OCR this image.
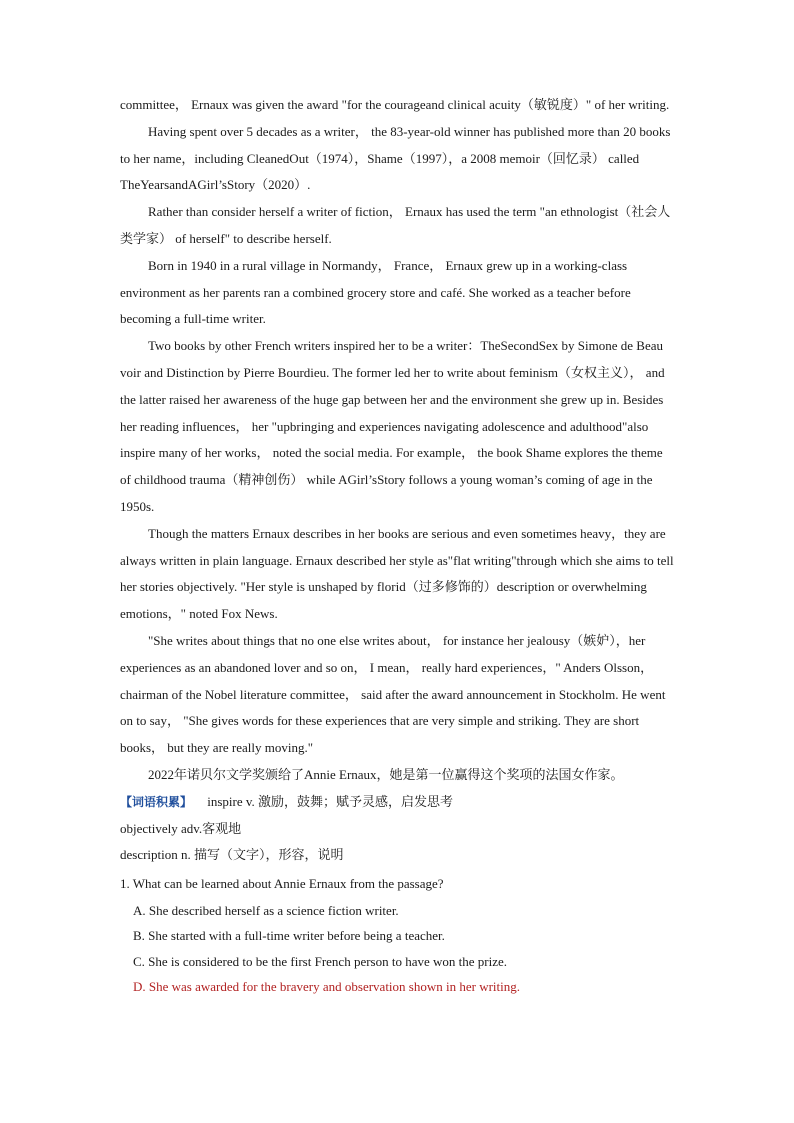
committee， Ernaux was given the award "for the courageand clinical acuity（敏锐度）" of her writing.

Having spent over 5 decades as a writer， the 83-year-old winner has published more than 20 books to her name，including CleanedOut（1974），Shame（1997），a 2008 memoir（回忆录） called TheYearsandAGirl’sStory（2020）.

Rather than consider herself a writer of fiction， Ernaux has used the term "an ethnologist（社会人类学家） of herself" to describe herself.

Born in 1940 in a rural village in Normandy， France， Ernaux grew up in a working-class environment as her parents ran a combined grocery store and café. She worked as a teacher before becoming a full-time writer.

Two books by other French writers inspired her to be a writer：TheSecondSex by Simone de Beau voir and Distinction by Pierre Bourdieu. The former led her to write about feminism（女权主义）， and the latter raised her awareness of the huge gap between her and the environment she grew up in. Besides her reading influences， her "upbringing and experiences navigating adolescence and adulthood"also inspire many of her works， noted the social media. For example， the book Shame explores the theme of childhood trauma（精神创伤） while AGirl’sStory follows a young woman’s coming of age in the 1950s.

Though the matters Ernaux describes in her books are serious and even sometimes heavy，they are always written in plain language. Ernaux described her style as"flat writing"through which she aims to tell her stories objectively. "Her style is unshaped by florid（过多修饰的）description or overwhelming emotions，" noted Fox News.

"She writes about things that no one else writes about， for instance her jealousy（嫉妒），her experiences as an abandoned lover and so on， I mean， really hard experiences，" Anders Olsson， chairman of the Nobel literature committee， said after the award announcement in Stockholm. He went on to say， "She gives words for these experiences that are very simple and striking. They are short books， but they are really moving."

2022年诺贝尔文学奖颁给了Annie Ernaux，她是第一位赢得这个奖项的法国女作家。

【词语积累】 inspire v. 激励，鼓舞；赋予灵感，启发思考

objectively adv.客观地

description n. 描写（文字），形容，说明

1. What can be learned about Annie Ernaux from the passage?

A. She described herself as a science fiction writer.

B. She started with a full-time writer before being a teacher.

C. She is considered to be the first French person to have won the prize.

D. She was awarded for the bravery and observation shown in her writing.
